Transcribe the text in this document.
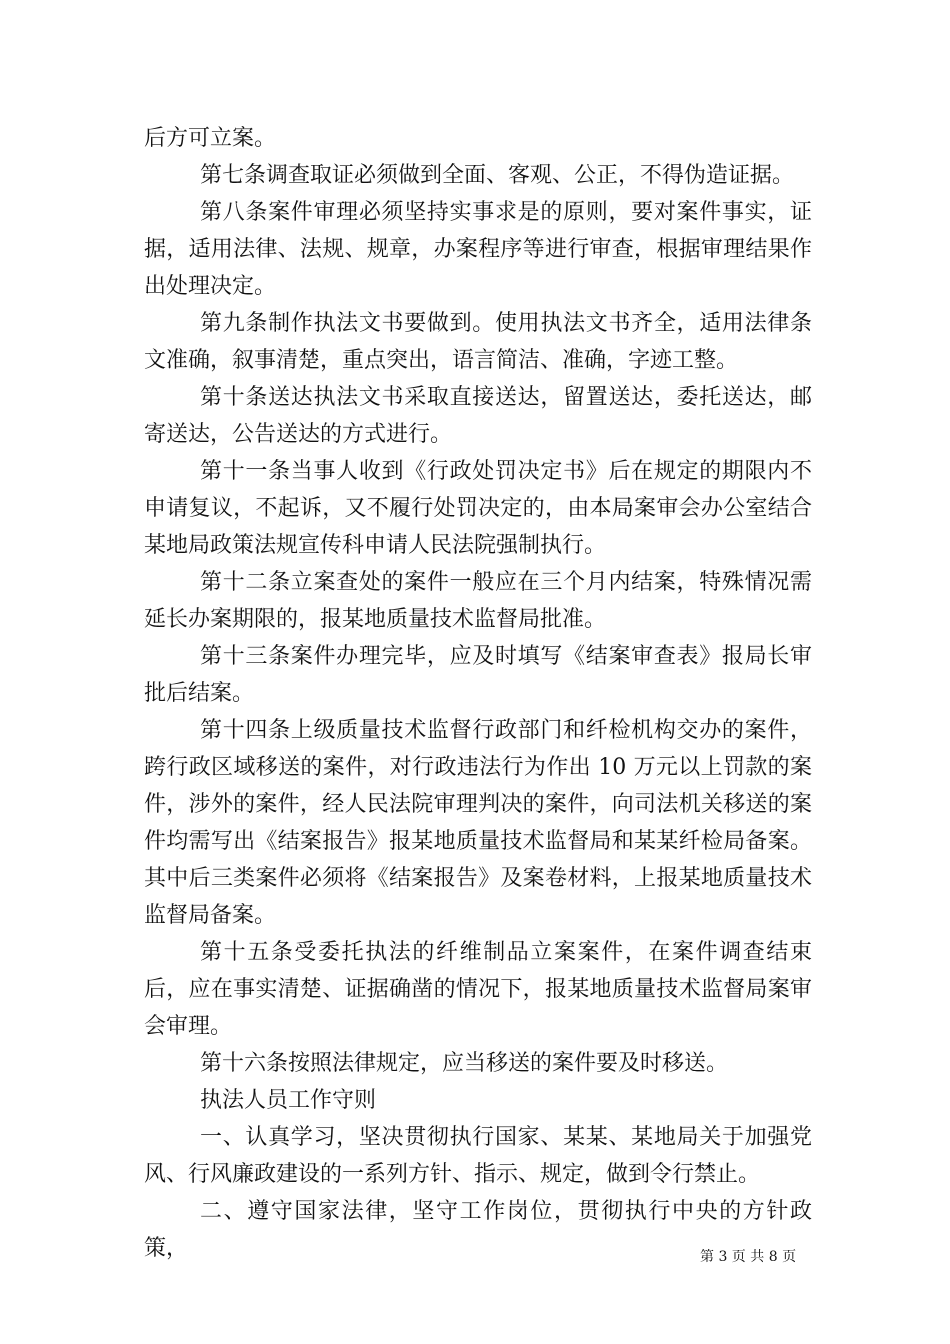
后方可立案。

第七条调查取证必须做到全面、客观、公正，不得伪造证据。

第八条案件审理必须坚持实事求是的原则，要对案件事实，证据，适用法律、法规、规章，办案程序等进行审查，根据审理结果作出处理决定。

第九条制作执法文书要做到。使用执法文书齐全，适用法律条文准确，叙事清楚，重点突出，语言简洁、准确，字迹工整。

第十条送达执法文书采取直接送达，留置送达，委托送达，邮寄送达，公告送达的方式进行。

第十一条当事人收到《行政处罚决定书》后在规定的期限内不申请复议，不起诉，又不履行处罚决定的，由本局案审会办公室结合某地局政策法规宣传科申请人民法院强制执行。

第十二条立案查处的案件一般应在三个月内结案，特殊情况需延长办案期限的，报某地质量技术监督局批准。

第十三条案件办理完毕，应及时填写《结案审查表》报局长审批后结案。

第十四条上级质量技术监督行政部门和纤检机构交办的案件，跨行政区域移送的案件，对行政违法行为作出 10 万元以上罚款的案件，涉外的案件，经人民法院审理判决的案件，向司法机关移送的案件均需写出《结案报告》报某地质量技术监督局和某某纤检局备案。其中后三类案件必须将《结案报告》及案卷材料，上报某地质量技术监督局备案。

第十五条受委托执法的纤维制品立案案件，在案件调查结束后，应在事实清楚、证据确凿的情况下，报某地质量技术监督局案审会审理。

第十六条按照法律规定，应当移送的案件要及时移送。

执法人员工作守则

一、认真学习，坚决贯彻执行国家、某某、某地局关于加强党风、行风廉政建设的一系列方针、指示、规定，做到令行禁止。

二、遵守国家法律，坚守工作岗位，贯彻执行中央的方针政策，	第 3 页 共 8 页
